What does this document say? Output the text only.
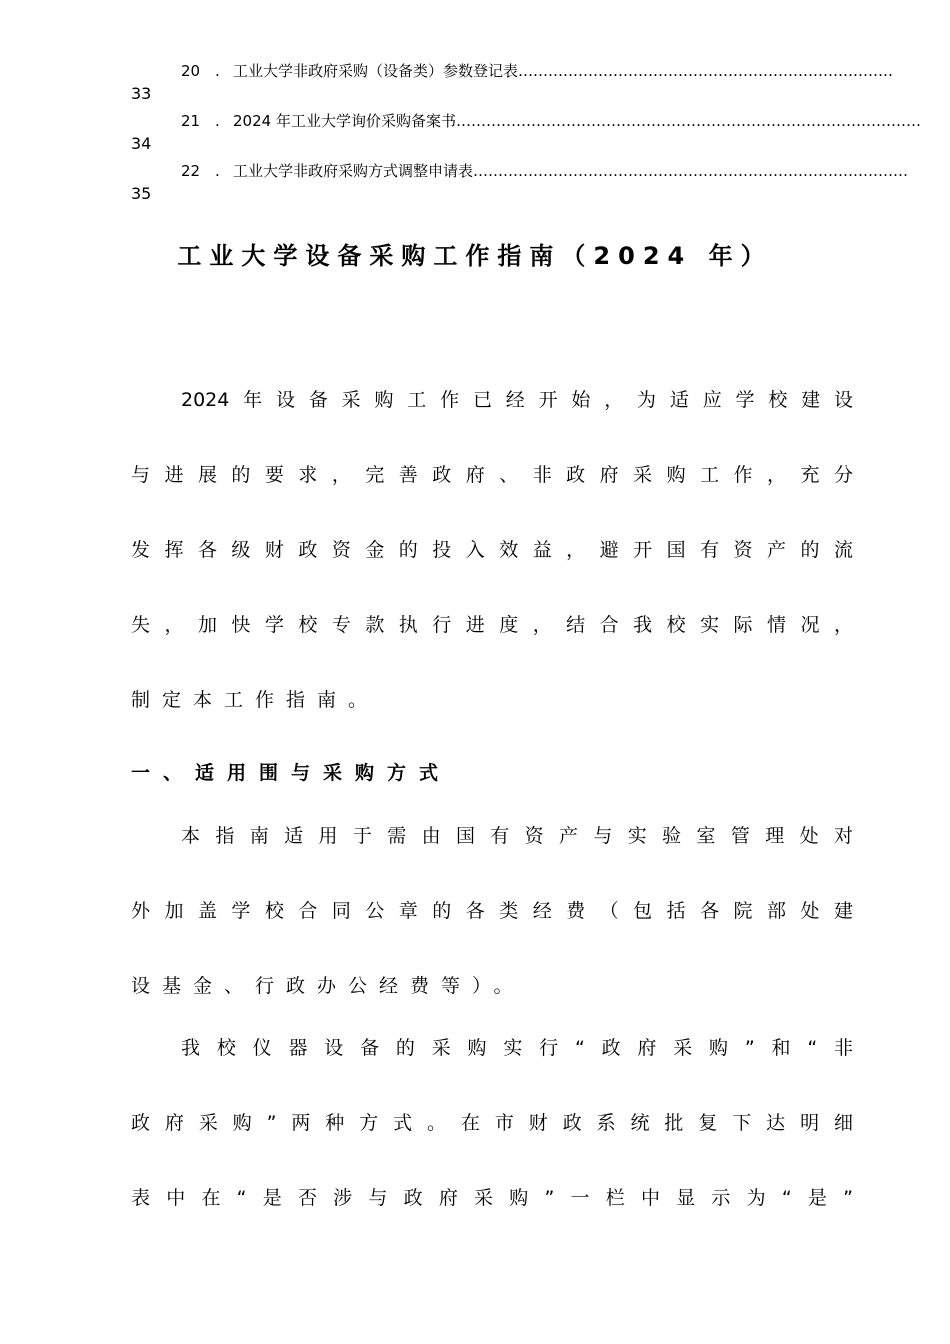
20 . 工业大学非政府采购（设备类）参数登记表…………………………………………………………………
33
21 . 2024 年工业大学询价采购备案书…………………………………………………………………………………
34
22 . 工业大学非政府采购方式调整申请表……………………………………………………………………………
35
工业大学设备采购工作指南（2024 年）
2024年设备采购工作已经开始，为适应学校建设
与进展的要求，完善政府、非政府采购工作，充分
发挥各级财政资金的投入效益，避开国有资产的流
失，加快学校专款执行进度，结合我校实际情况，
制定本工作指南。
一、适用围与采购方式
本指南适用于需由国有资产与实验室管理处对
外加盖学校合同公章的各类经费（包括各院部处建
设基金、行政办公经费等）。
我校仪器设备的采购实行“政府采购”和“非
政府采购”两种方式。在市财政系统批复下达明细
表中在“是否涉与政府采购”一栏中显示为“是”
